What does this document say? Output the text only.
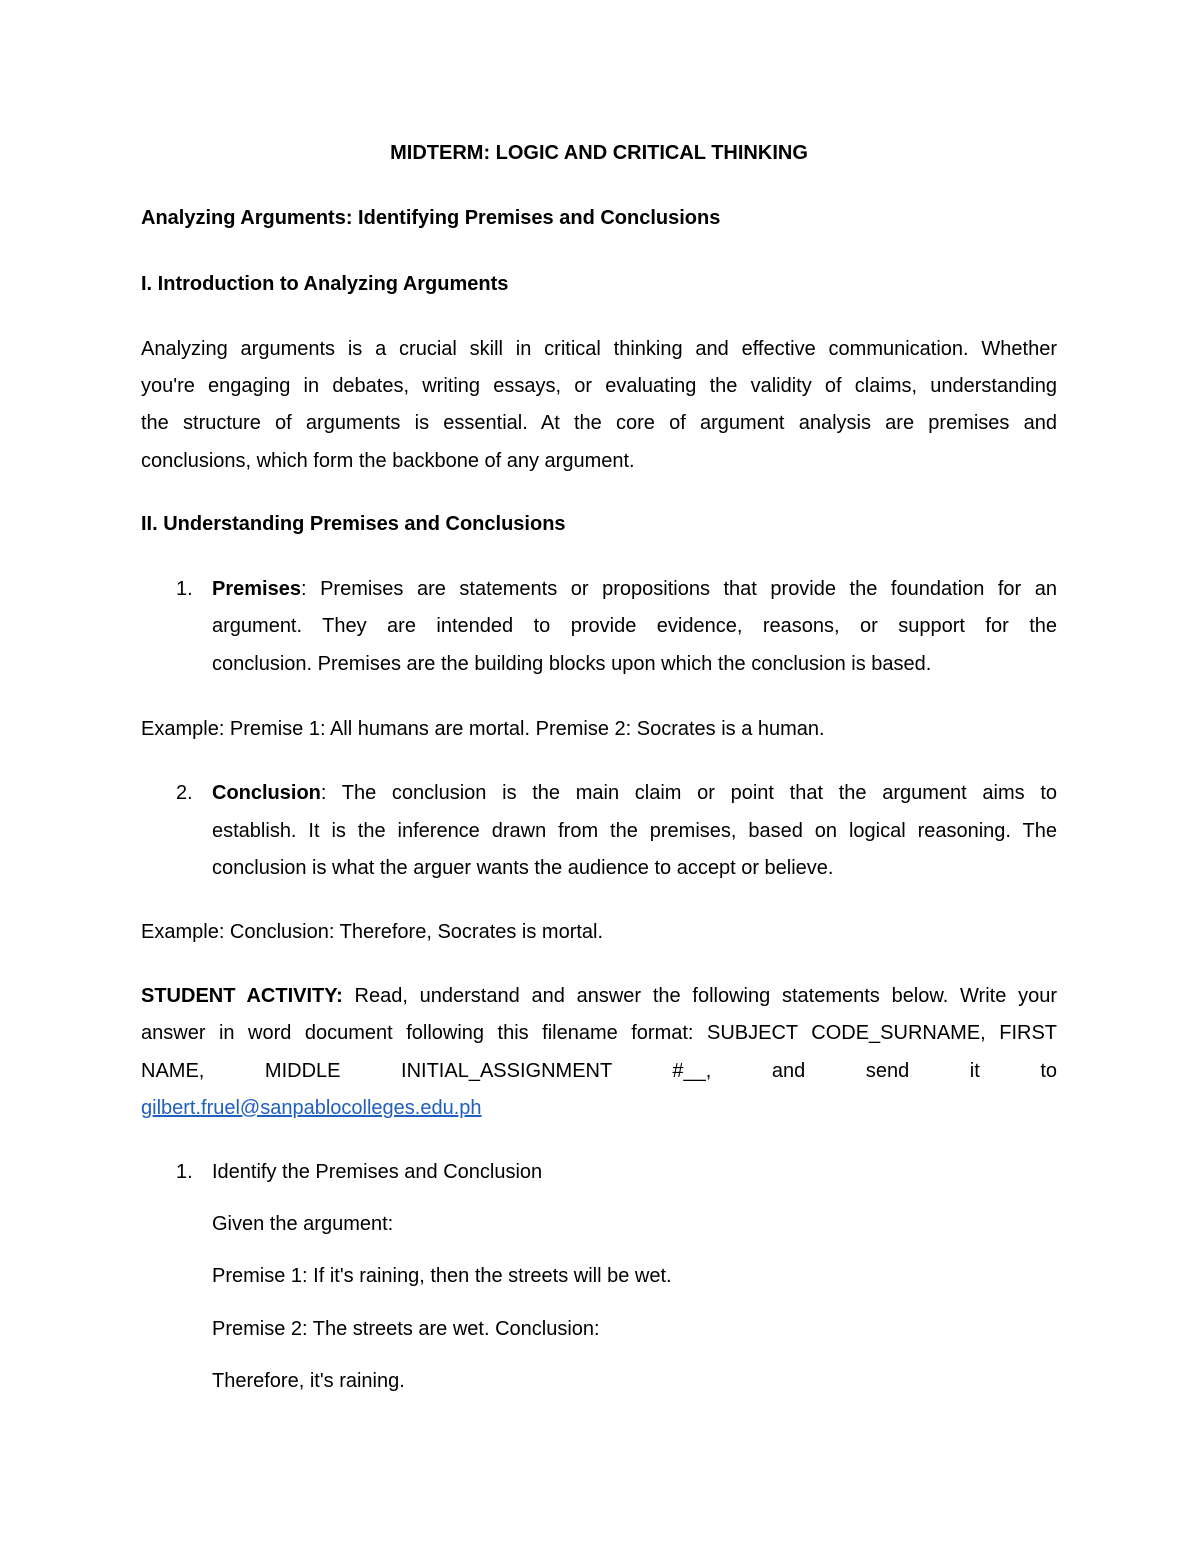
MIDTERM: LOGIC AND CRITICAL THINKING
Analyzing Arguments: Identifying Premises and Conclusions
I. Introduction to Analyzing Arguments
Analyzing arguments is a crucial skill in critical thinking and effective communication. Whether
you're engaging in debates, writing essays, or evaluating the validity of claims, understanding
the structure of arguments is essential. At the core of argument analysis are premises and
conclusions, which form the backbone of any argument.
II. Understanding Premises and Conclusions
1. Premises: Premises are statements or propositions that provide the foundation for an
argument. They are intended to provide evidence, reasons, or support for the
conclusion. Premises are the building blocks upon which the conclusion is based.
Example: Premise 1: All humans are mortal. Premise 2: Socrates is a human.
2. Conclusion: The conclusion is the main claim or point that the argument aims to
establish. It is the inference drawn from the premises, based on logical reasoning. The
conclusion is what the arguer wants the audience to accept or believe.
Example: Conclusion: Therefore, Socrates is mortal.
STUDENT ACTIVITY: Read, understand and answer the following statements below. Write your
answer in word document following this filename format: SUBJECT CODE_SURNAME, FIRST
NAME, MIDDLE INITIAL_ASSIGNMENT #__, and send it to
gilbert.fruel@sanpablocolleges.edu.ph
1. Identify the Premises and Conclusion
Given the argument:
Premise 1: If it's raining, then the streets will be wet.
Premise 2: The streets are wet. Conclusion:
Therefore, it's raining.
